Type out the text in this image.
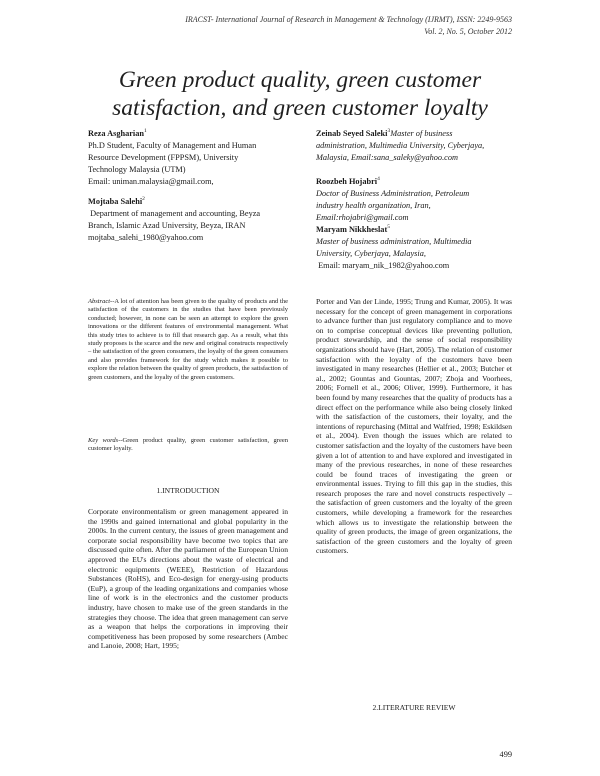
IRACST- International Journal of Research in Management & Technology (IJRMT), ISSN: 2249-9563
Vol. 2, No. 5, October 2012
Green product quality, green customer
satisfaction, and green customer loyalty
Reza Asgharian$^1$
Ph.D Student, Faculty of Management and Human
Resource Development (FPPSM), University
Technology Malaysia (UTM)
Email: uniman.malaysia@gmail.com,
Mojtaba Salehi$^2$
Department of management and accounting, Beyza
Branch, Islamic Azad University, Beyza, IRAN
mojtaba_salehi_1980@yahoo.com
Zeinab Seyed Saleki$^3$Master of business
administration, Multimedia University, Cyberjaya,
Malaysia, Email:sana_saleky@yahoo.com
Roozbeh Hojabri$^4$
Doctor of Business Administration, Petroleum
industry health organization, Iran,
Email:rhojabri@gmail.com
Maryam Nikkheslat$^5$
Master of business administration, Multimedia
University, Cyberjaya, Malaysia,
Email: maryam_nik_1982@yahoo.com

Abstract--A lot of attention has been given to the quality of products and the satisfaction of the customers in the studies that have been previously conducted; however, in none can be seen an attempt to explore the green innovations or the different features of environmental management. What this study tries to achieve is to fill that research gap. As a result, what this study proposes is the scarce and the new and original constructs respectively – the satisfaction of the green consumers, the loyalty of the green consumers and also provides framework for the study which makes it possible to explore the relation between the quality of green products, the satisfaction of green customers, and the loyalty of the green customers.

Key words--Green product quality, green customer satisfaction, green customer loyalty.

1.INTRODUCTION

Corporate environmentalism or green management appeared in the 1990s and gained international and global popularity in the 2000s. In the current century, the issues of green management and corporate social responsibility have become two topics that are discussed quite often. After the parliament of the European Union approved the EU's directions about the waste of electrical and electronic equipments (WEEE), Restriction of Hazardous Substances (RoHS), and Eco-design for energy-using products (EuP), a group of the leading organizations and companies whose line of work is in the electronics and the customer products industry, have chosen to make use of the green standards in the strategies they choose. The idea that green management can serve as a weapon that helps the corporations in improving their competitiveness has been proposed by some researchers (Ambec and Lanoie, 2008; Hart, 1995;

Porter and Van der Linde, 1995; Trung and Kumar, 2005). It was necessary for the concept of green management in corporations to advance further than just regulatory compliance and to move on to comprise conceptual devices like preventing pollution, product stewardship, and the sense of social responsibility organizations should have (Hart, 2005). The relation of customer satisfaction with the loyalty of the customers have been investigated in many researches (Hellier et al., 2003; Butcher et al., 2002; Gountas and Gountas, 2007; Zboja and Voorhees, 2006; Fornell et al., 2006; Oliver, 1999). Furthermore, it has been found by many researches that the quality of products has a direct effect on the performance while also being closely linked with the satisfaction of the customers, their loyalty, and the intentions of repurchasing (Mittal and Walfried, 1998; Eskildsen et al., 2004). Even though the issues which are related to customer satisfaction and the loyalty of the customers have been given a lot of attention to and have explored and investigated in many of the previous researches, in none of these researches could be found traces of investigating the green or environmental issues. Trying to fill this gap in the studies, this research proposes the rare and novel constructs respectively – the satisfaction of green customers and the loyalty of the green customers, while developing a framework for the researches which allows us to investigate the relationship between the quality of green products, the image of green organizations, the satisfaction of the green customers and the loyalty of green customers.

2.LITERATURE REVIEW
499
